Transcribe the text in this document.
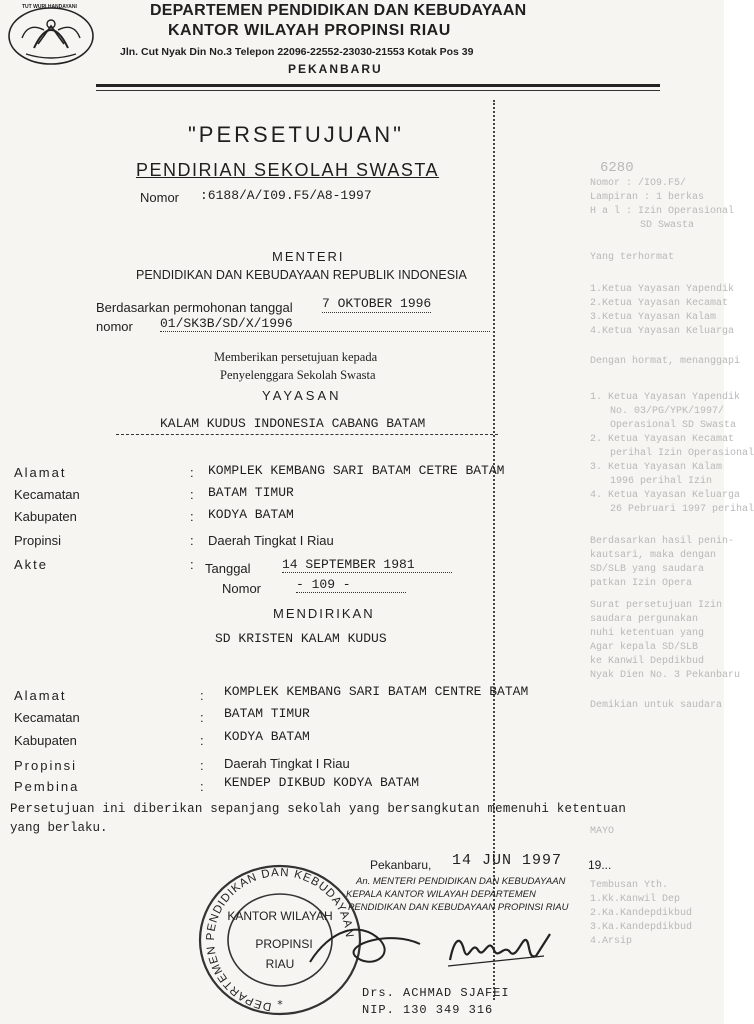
6280
Nomor : /IO9.F5/
Lampiran : 1 berkas
H a l : Izin Operasional
SD Swasta
Yang terhormat
1.Ketua Yayasan Yapendik
2.Ketua Yayasan Kecamat
3.Ketua Yayasan Kalam
4.Ketua Yayasan Keluarga
Dengan hormat, menanggapi
1. Ketua Yayasan Yapendik
No. 03/PG/YPK/1997/
Operasional SD Swasta
2. Ketua Yayasan Kecamat
perihal Izin Operasional
3. Ketua Yayasan Kalam
1996 perihal Izin
4. Ketua Yayasan Keluarga
26 Pebruari 1997 perihal
Berdasarkan hasil penin-
kautsari, maka dengan
SD/SLB yang saudara
patkan Izin Opera
Surat persetujuan Izin
saudara pergunakan
nuhi ketentuan yang
Agar kepala SD/SLB
ke Kanwil Depdikbud
Nyak Dien No. 3 Pekanbaru
Demikian untuk saudara
MAYO
Tembusan Yth.
1.Kk.Kanwil Dep
2.Ka.Kandepdikbud
3.Ka.Kandepdikbud
4.Arsip
TUT WURI HANDAYANI	DEPARTEMEN PENDIDIKAN DAN KEBUDAYAAN
KANTOR WILAYAH PROPINSI RIAU
Jln. Cut Nyak Din No.3 Telepon 22096-22552-23030-21553 Kotak Pos 39
PEKANBARU
"PERSETUJUAN"
PENDIRIAN SEKOLAH SWASTA
Nomor :6188/A/I09.F5/A8-1997
MENTERI
PENDIDIKAN DAN KEBUDAYAAN REPUBLIK INDONESIA
Berdasarkan permohonan tanggal 7 OKTOBER 1996
nomor 01/SK3B/SD/X/1996
Memberikan persetujuan kepada
Penyelenggara Sekolah Swasta
YAYASAN
KALAM KUDUS INDONESIA CABANG BATAM
Alamat	: KOMPLEK KEMBANG SARI BATAM CETRE BATAM
Kecamatan	: BATAM TIMUR
Kabupaten	: KODYA BATAM
Propinsi	: Daerah Tingkat I Riau
Akte	: Tanggal 14 SEPTEMBER 1981
Nomor	- 109 -
MENDIRIKAN
SD KRISTEN KALAM KUDUS
Alamat	: KOMPLEK KEMBANG SARI BATAM CENTRE BATAM
Kecamatan	: BATAM TIMUR
Kabupaten	: KODYA BATAM
Propinsi	: Daerah Tingkat I Riau
Pembina	: KENDEP DIKBUD KODYA BATAM
Persetujuan ini diberikan sepanjang sekolah yang bersangkutan memenuhi ketentuan
yang berlaku.
Pekanbaru, 14 JUN 1997 19...
An. MENTERI PENDIDIKAN DAN KEBUDAYAAN
KEPALA KANTOR WILAYAH DEPARTEMEN
PENDIDIKAN DAN KEBUDAYAAN PROPINSI RIAU
DEPARTEMEN PENDIDIKAN DAN KEBUDAYAAN
KANTOR WILAYAH
PROPINSI
RIAU
*
Drs. ACHMAD SJAFEI
NIP. 130 349 316
